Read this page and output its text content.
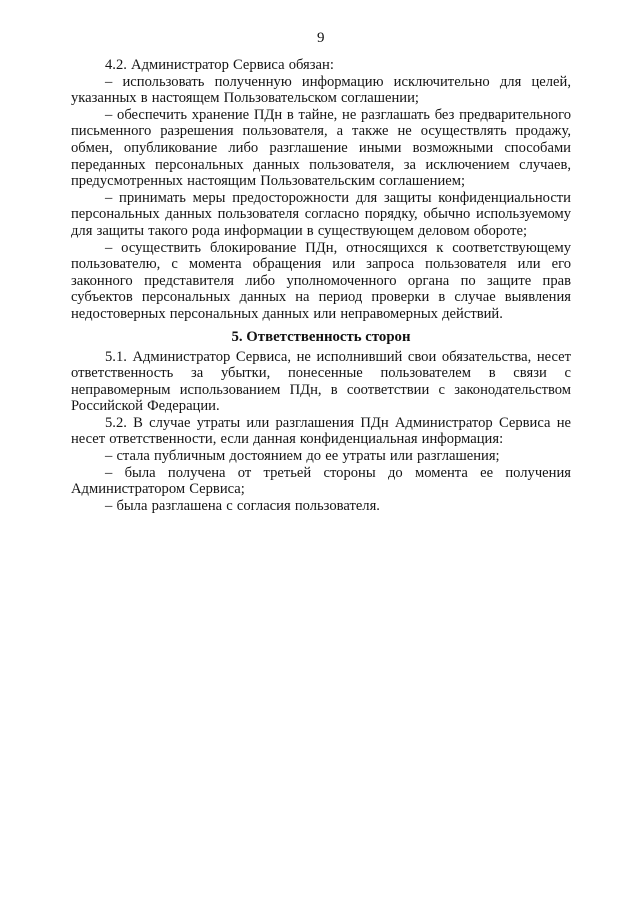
9

4.2. Администратор Сервиса обязан:

– использовать полученную информацию исключительно для целей, указанных в настоящем Пользовательском соглашении;

– обеспечить хранение ПДн в тайне, не разглашать без предварительного письменного разрешения пользователя, а также не осуществлять продажу, обмен, опубликование либо разглашение иными возможными способами переданных персональных данных пользователя, за исключением случаев, предусмотренных настоящим Пользовательским соглашением;

– принимать меры предосторожности для защиты конфиденциальности персональных данных пользователя согласно порядку, обычно используемому для защиты такого рода информации в существующем деловом обороте;

– осуществить блокирование ПДн, относящихся к соответствующему пользователю, с момента обращения или запроса пользователя или его законного представителя либо уполномоченного органа по защите прав субъектов персональных данных на период проверки в случае выявления недостоверных персональных данных или неправомерных действий.

5. Ответственность сторон

5.1. Администратор Сервиса, не исполнивший свои обязательства, несет ответственность за убытки, понесенные пользователем в связи с неправомерным использованием ПДн, в соответствии с законодательством Российской Федерации.

5.2. В случае утраты или разглашения ПДн Администратор Сервиса не несет ответственности, если данная конфиденциальная информация:

– стала публичным достоянием до ее утраты или разглашения;

– была получена от третьей стороны до момента ее получения Администратором Сервиса;

– была разглашена с согласия пользователя.
